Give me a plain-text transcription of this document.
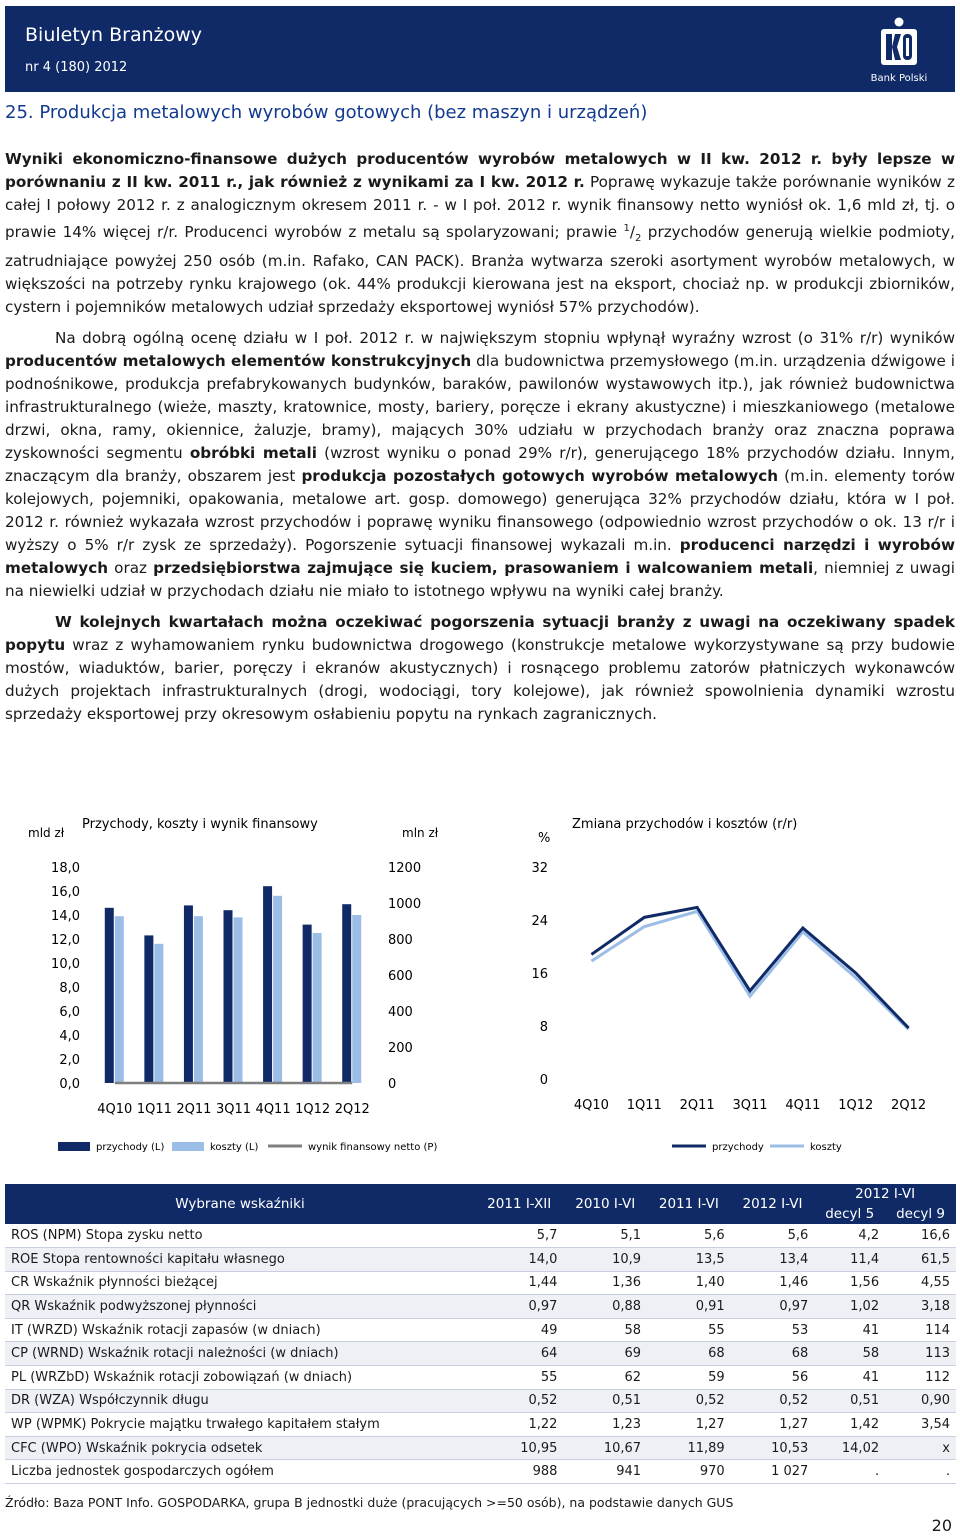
Biuletyn Branżowy
nr 4 (180) 2012
Bank Polski
25. Produkcja metalowych wyrobów gotowych (bez maszyn i urządzeń)

Wyniki ekonomiczno-finansowe dużych producentów wyrobów metalowych w II kw. 2012 r. były lepsze w porównaniu z II kw. 2011 r., jak również z wynikami za I kw. 2012 r. Poprawę wykazuje także porównanie wyników z całej I połowy 2012 r. z analogicznym okresem 2011 r. - w I poł. 2012 r. wynik finansowy netto wyniósł ok. 1,6 mld zł, tj. o prawie 14% więcej r/r. Producenci wyrobów z metalu są spolaryzowani; prawie $^1/_2$ przychodów generują wielkie podmioty, zatrudniające powyżej 250 osób (m.in. Rafako, CAN PACK). Branża wytwarza szeroki asortyment wyrobów metalowych, w większości na potrzeby rynku krajowego (ok. 44% produkcji kierowana jest na eksport, chociaż np. w produkcji zbiorników, cystern i pojemników metalowych udział sprzedaży eksportowej wyniósł 57% przychodów).

Na dobrą ogólną ocenę działu w I poł. 2012 r. w największym stopniu wpłynął wyraźny wzrost (o 31% r/r) wyników producentów metalowych elementów konstrukcyjnych dla budownictwa przemysłowego (m.in. urządzenia dźwigowe i podnośnikowe, produkcja prefabrykowanych budynków, baraków, pawilonów wystawowych itp.), jak również budownictwa infrastrukturalnego (wieże, maszty, kratownice, mosty, bariery, poręcze i ekrany akustyczne) i mieszkaniowego (metalowe drzwi, okna, ramy, okiennice, żaluzje, bramy), mających 30% udziału w przychodach branży oraz znaczna poprawa zyskowności segmentu obróbki metali (wzrost wyniku o ponad 29% r/r), generującego 18% przychodów działu. Innym, znaczącym dla branży, obszarem jest produkcja pozostałych gotowych wyrobów metalowych (m.in. elementy torów kolejowych, pojemniki, opakowania, metalowe art. gosp. domowego) generująca 32% przychodów działu, która w I poł. 2012 r. również wykazała wzrost przychodów i poprawę wyniku finansowego (odpowiednio wzrost przychodów o ok. 13 r/r i wyższy o 5% r/r zysk ze sprzedaży). Pogorszenie sytuacji finansowej wykazali m.in. producenci narzędzi i wyrobów metalowych oraz przedsiębiorstwa zajmujące się kuciem, prasowaniem i walcowaniem metali, niemniej z uwagi na niewielki udział w przychodach działu nie miało to istotnego wpływu na wyniki całej branży.

W kolejnych kwartałach można oczekiwać pogorszenia sytuacji branży z uwagi na oczekiwany spadek popytu wraz z wyhamowaniem rynku budownictwa drogowego (konstrukcje metalowe wykorzystywane są przy budowie mostów, wiaduktów, barier, poręczy i ekranów akustycznych) i rosnącego problemu zatorów płatniczych wykonawców dużych projektach infrastrukturalnych (drogi, wodociągi, tory kolejowe), jak również spowolnienia dynamiki wzrostu sprzedaży eksportowej przy okresowym osłabieniu popytu na rynkach zagranicznych.

mld zł
Przychody, koszty i wynik finansowy
mln zł
18,0
16,0
14,0
12,0
10,0
8,0
6,0
4,0
2,0
0,0
1200
1000
800
600
400
200
0
4Q10 1Q11 2Q11 3Q11 4Q11 1Q12 2Q12
przychody (L)	koszty (L)	wynik finansowy netto (P)
%
Zmiana przychodów i kosztów (r/r)
32
24
16
8
0
4Q10 1Q11 2Q11 3Q11 4Q11 1Q12 2Q12
przychody	koszty
Wybrane wskaźniki	2011 I-XII	2010 I-VI	2011 I-VI	2012 I-VI	2012 I-VI	
					decyl 5	decyl 9
ROS (NPM) Stopa zysku netto	5,7	5,1	5,6	5,6	4,2	16,6
ROE Stopa rentowności kapitału własnego	14,0	10,9	13,5	13,4	11,4	61,5
CR Wskaźnik płynności bieżącej	1,44	1,36	1,40	1,46	1,56	4,55
QR Wskaźnik podwyższonej płynności	0,97	0,88	0,91	0,97	1,02	3,18
IT (WRZD) Wskaźnik rotacji zapasów (w dniach)	49	58	55	53	41	114
CP (WRND) Wskaźnik rotacji należności (w dniach)	64	69	68	68	58	113
PL (WRZbD) Wskaźnik rotacji zobowiązań (w dniach)	55	62	59	56	41	112
DR (WZA) Współczynnik długu	0,52	0,51	0,52	0,52	0,51	0,90
WP (WPMK) Pokrycie majątku trwałego kapitałem stałym	1,22	1,23	1,27	1,27	1,42	3,54
CFC (WPO) Wskaźnik pokrycia odsetek	10,95	10,67	11,89	10,53	14,02	x
Liczba jednostek gospodarczych ogółem	988	941	970	1 027	.	.
Źródło: Baza PONT Info. GOSPODARKA, grupa B jednostki duże (pracujących >=50 osób), na podstawie danych GUS
20
